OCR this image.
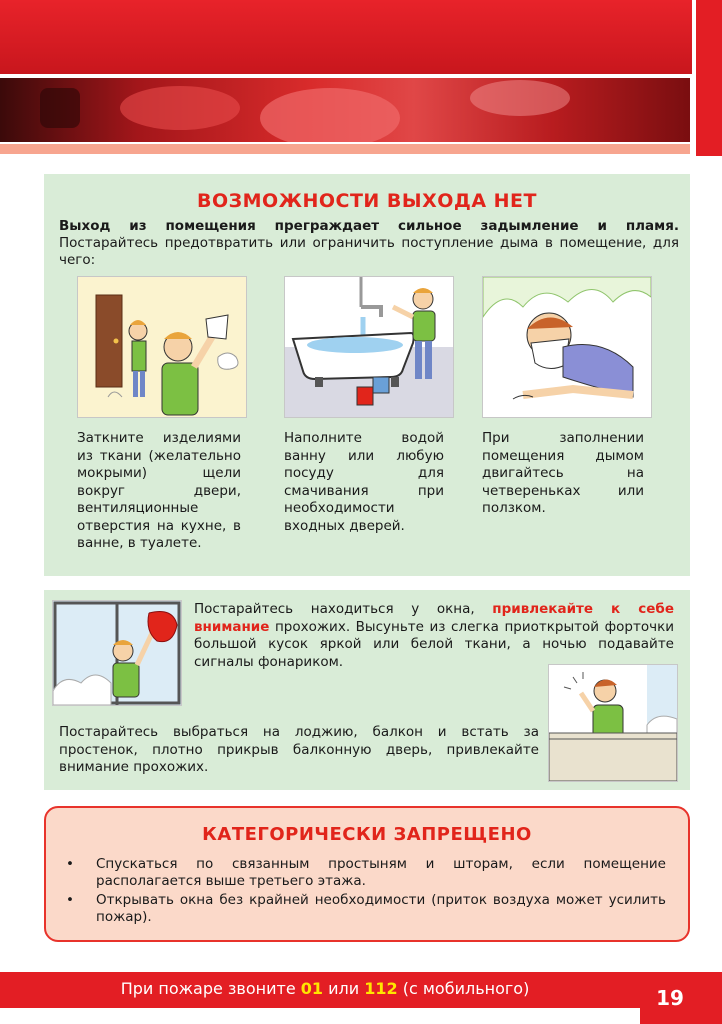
ВОЗМОЖНОСТИ ВЫХОДА НЕТ
Выход из помещения преграждает сильное задымление и пламя. Постарайтесь предотвратить или ограничить поступление дыма в помещение, для чего:
Заткните изделиями из ткани (желательно мокрыми) щели вокруг двери, вентиляционные отверстия на кухне, в ванне, в туалете.
Наполните водой ванну или любую посуду для смачивания при необходимости входных дверей.
При заполнении помещения дымом двигайтесь на четвереньках или ползком.
Постарайтесь находиться у окна, привлекайте к себе внимание прохожих. Высуньте из слегка приоткрытой форточки большой кусок яркой или белой ткани, а ночью подавайте сигналы фонариком.
Постарайтесь выбраться на лоджию, балкон и встать за простенок, плотно прикрыв балконную дверь, привлекайте внимание прохожих.
КАТЕГОРИЧЕСКИ ЗАПРЕЩЕНО
• Спускаться по связанным простыням и шторам, если помещение располагается выше третьего этажа.
• Открывать окна без крайней необходимости (приток воздуха может усилить пожар).
При пожаре звоните 01 или 112 (с мобильного)	19
